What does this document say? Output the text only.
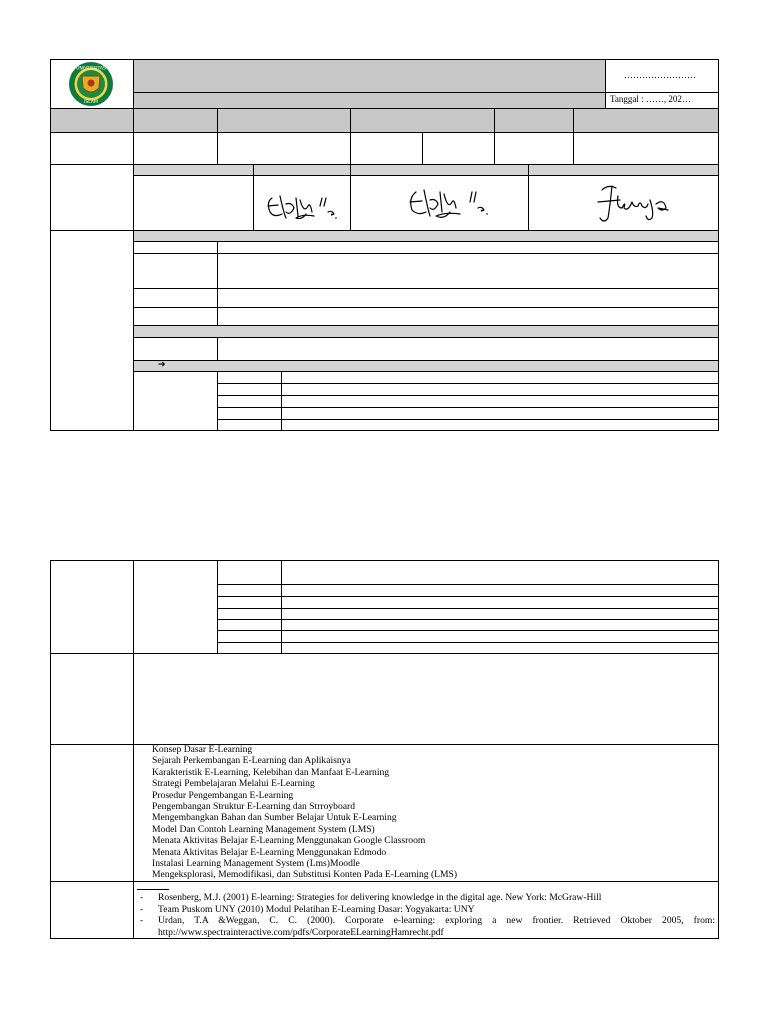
UNIVERSITAS
ISLAM
……………………
Tanggal : ……, 202…
➔
Konsep Dasar E-Learning
Sejarah Perkembangan E-Learning dan Aplikaisnya
Karakteristik E-Learning, Kelebihan dan Manfaat E-Learning
Strategi Pembelajaran Melalui E-Learning
Prosedur Pengembangan E-Learning
Pengembangan Struktur E-Learning dan Strroyboard
Mengembangkan Bahan dan Sumber Belajar Untuk E-Learning
Model Dan Contoh Learning Management System (LMS)
Menata Aktivitas Belajar E-Learning Menggunakan Google Classroom
Menata Aktivitas Belajar E-Learning Menggunakan Edmodo
Instalasi Learning Management System (Lms)Moodle
Mengeksplorasi, Memodifikasi, dan Substitusi Konten Pada E-Learning (LMS)
-	Rosenberg, M.J. (2001) E-learning: Strategies for delivering knowledge in the digital age. New York: McGraw-Hill
-	Team Puskom UNY (2010) Modul Pelatihan E-Learning Dasar: Yogyakarta: UNY
-	Urdan, T.A &Weggan, C. C. (2000). Corporate e-learning: exploring a new frontier. Retrieved Oktober 2005, from: http://www.spectrainteractive.com/pdfs/CorporateELearningHamrecht.pdf
